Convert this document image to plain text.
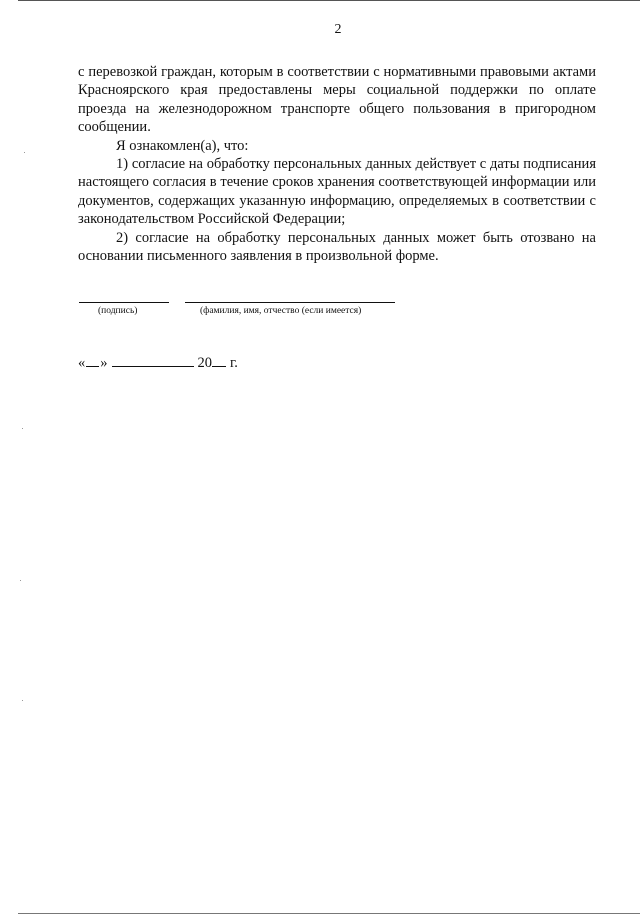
2

с перевозкой граждан, которым в соответствии с нормативными правовыми актами Красноярского края предоставлены меры социальной поддержки по оплате проезда на железнодорожном транспорте общего пользования в пригородном сообщении.

Я ознакомлен(а), что:

1) согласие на обработку персональных данных действует с даты подписания настоящего согласия в течение сроков хранения соответствующей информации или документов, содержащих указанную информацию, определяемых в соответствии с законодательством Российской Федерации;

2) согласие на обработку персональных данных может быть отозвано на основании письменного заявления в произвольной форме.

(подпись)	(фамилия, имя, отчество (если имеется)
« »	20 г.
